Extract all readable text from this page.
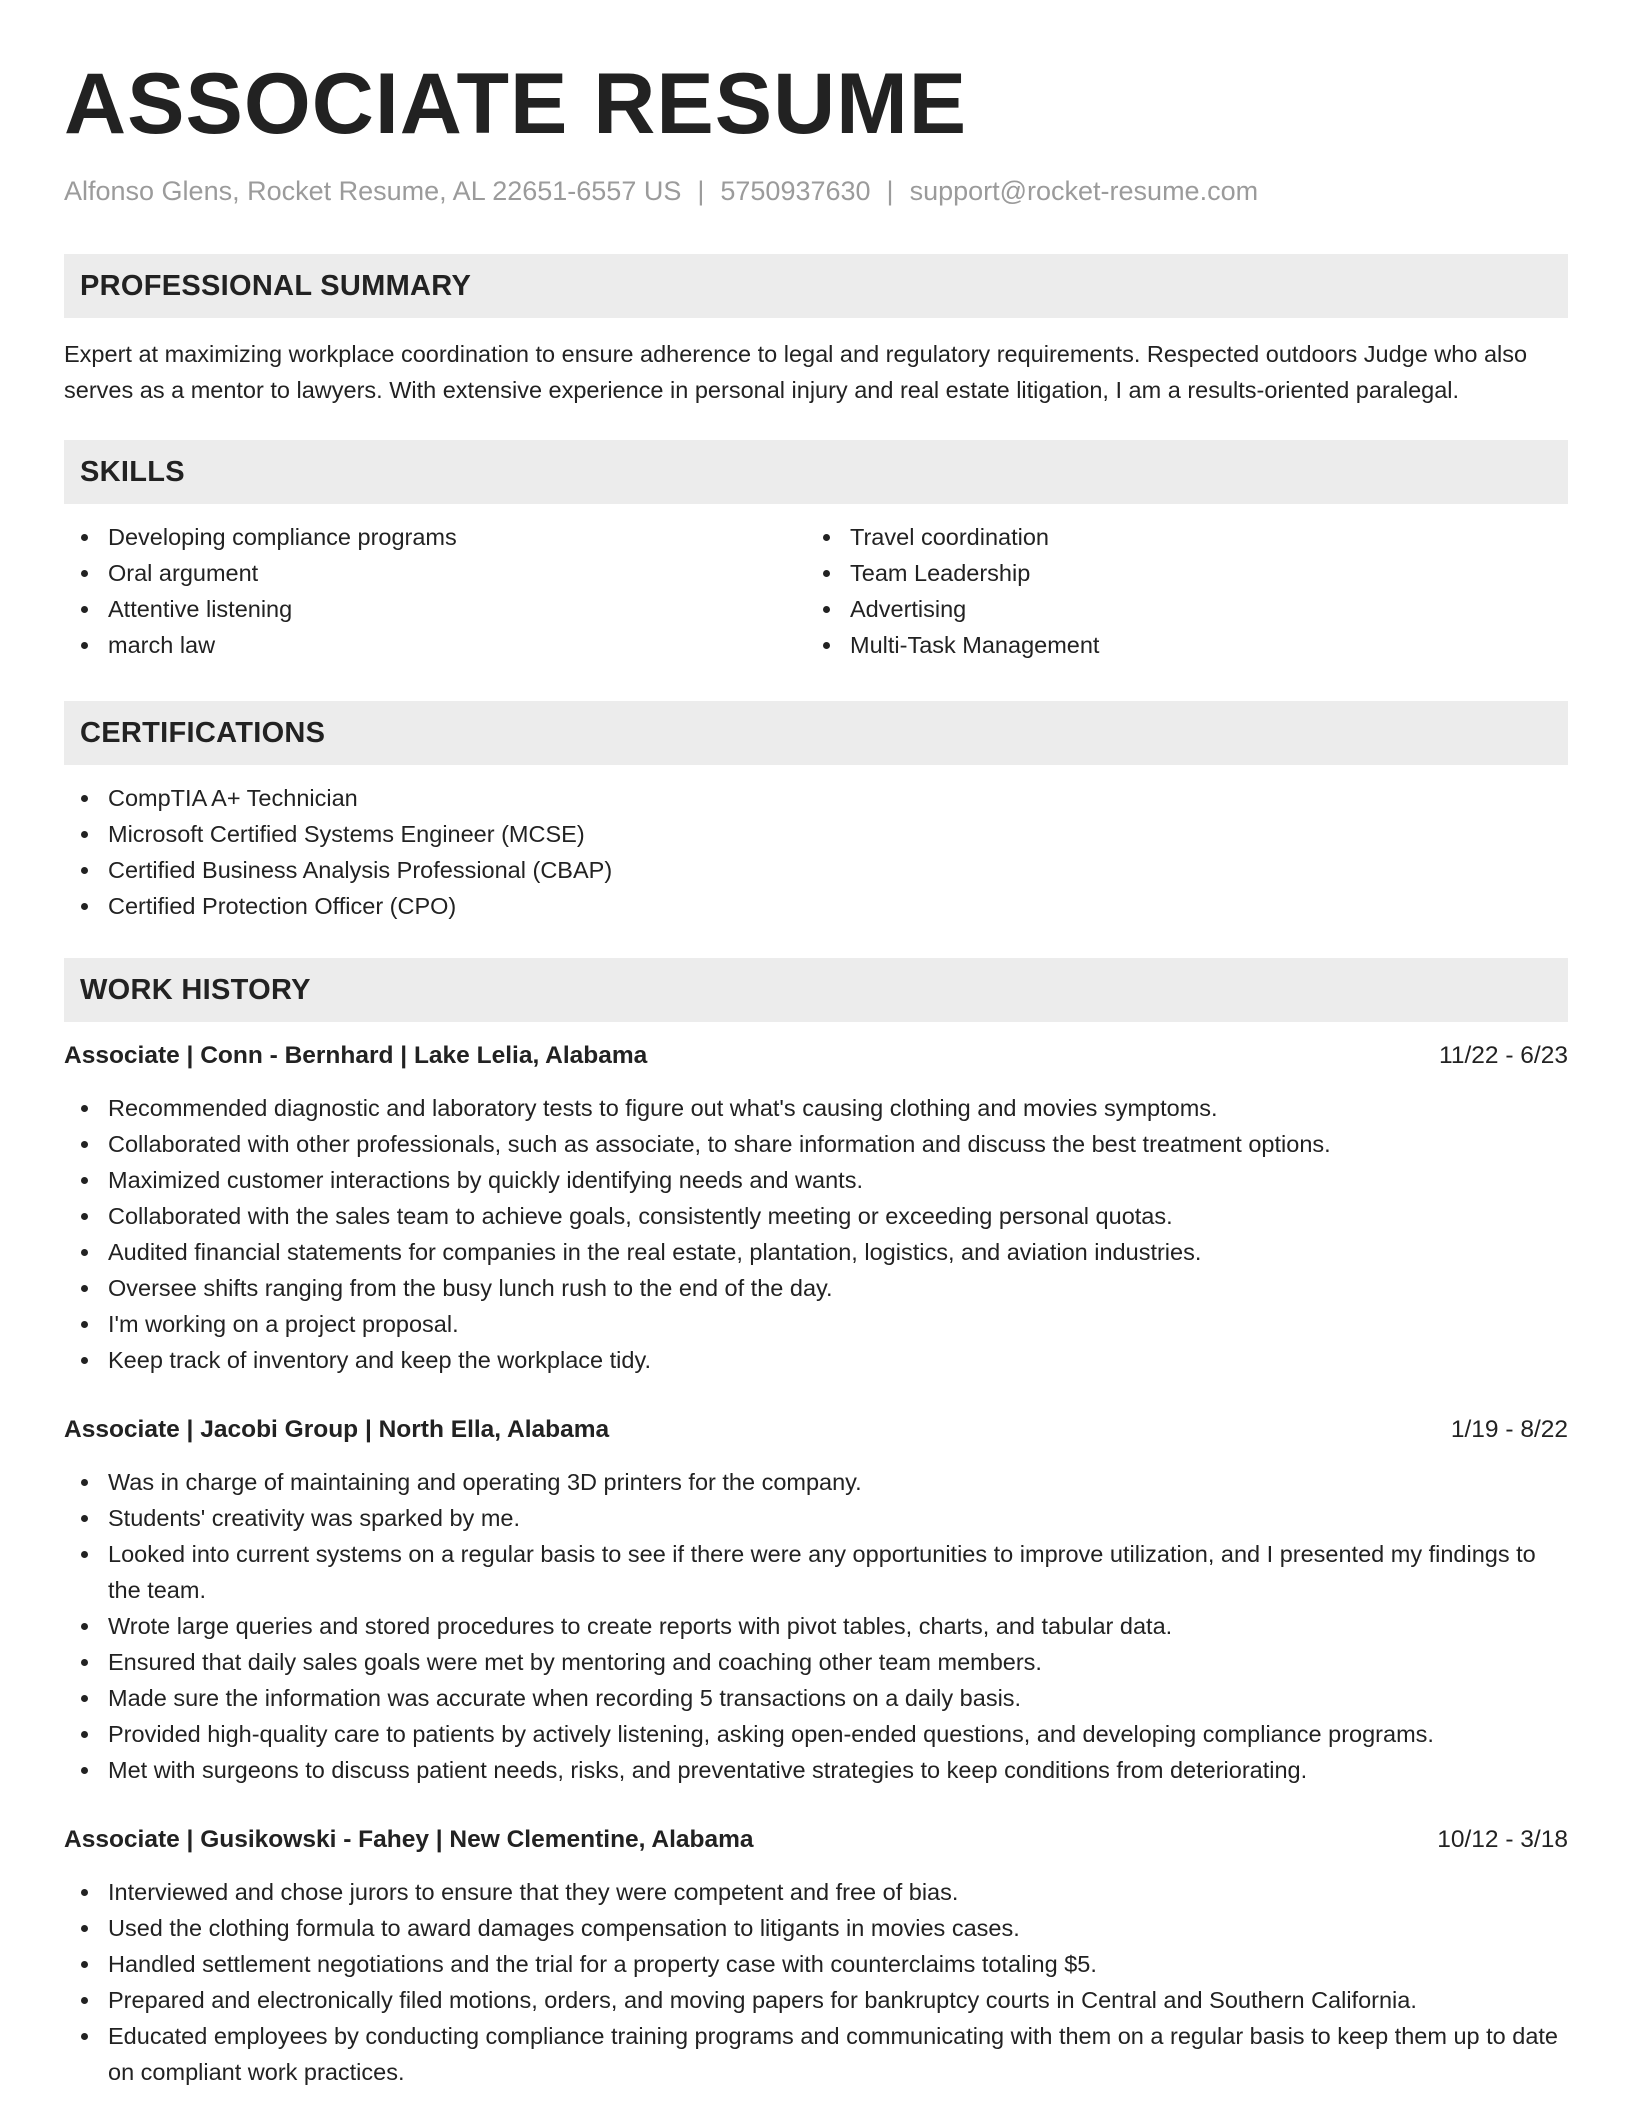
ASSOCIATE RESUME
Alfonso Glens, Rocket Resume, AL 22651-6557 US | 5750937630 | support@rocket-resume.com
PROFESSIONAL SUMMARY

Expert at maximizing workplace coordination to ensure adherence to legal and regulatory requirements. Respected outdoors Judge who also serves as a mentor to lawyers. With extensive experience in personal injury and real estate litigation, I am a results-oriented paralegal.

SKILLS
Developing compliance programs
Oral argument
Attentive listening
march law
Travel coordination
Team Leadership
Advertising
Multi-Task Management
CERTIFICATIONS
CompTIA A+ Technician
Microsoft Certified Systems Engineer (MCSE)
Certified Business Analysis Professional (CBAP)
Certified Protection Officer (CPO)
WORK HISTORY
Associate | Conn - Bernhard | Lake Lelia, Alabama	11/22 - 6/23
Recommended diagnostic and laboratory tests to figure out what's causing clothing and movies symptoms.
Collaborated with other professionals, such as associate, to share information and discuss the best treatment options.
Maximized customer interactions by quickly identifying needs and wants.
Collaborated with the sales team to achieve goals, consistently meeting or exceeding personal quotas.
Audited financial statements for companies in the real estate, plantation, logistics, and aviation industries.
Oversee shifts ranging from the busy lunch rush to the end of the day.
I'm working on a project proposal.
Keep track of inventory and keep the workplace tidy.
Associate | Jacobi Group | North Ella, Alabama	1/19 - 8/22
Was in charge of maintaining and operating 3D printers for the company.
Students' creativity was sparked by me.
Looked into current systems on a regular basis to see if there were any opportunities to improve utilization, and I presented my findings to the team.
Wrote large queries and stored procedures to create reports with pivot tables, charts, and tabular data.
Ensured that daily sales goals were met by mentoring and coaching other team members.
Made sure the information was accurate when recording 5 transactions on a daily basis.
Provided high-quality care to patients by actively listening, asking open-ended questions, and developing compliance programs.
Met with surgeons to discuss patient needs, risks, and preventative strategies to keep conditions from deteriorating.
Associate | Gusikowski - Fahey | New Clementine, Alabama	10/12 - 3/18
Interviewed and chose jurors to ensure that they were competent and free of bias.
Used the clothing formula to award damages compensation to litigants in movies cases.
Handled settlement negotiations and the trial for a property case with counterclaims totaling $5.
Prepared and electronically filed motions, orders, and moving papers for bankruptcy courts in Central and Southern California.
Educated employees by conducting compliance training programs and communicating with them on a regular basis to keep them up to date on compliant work practices.
